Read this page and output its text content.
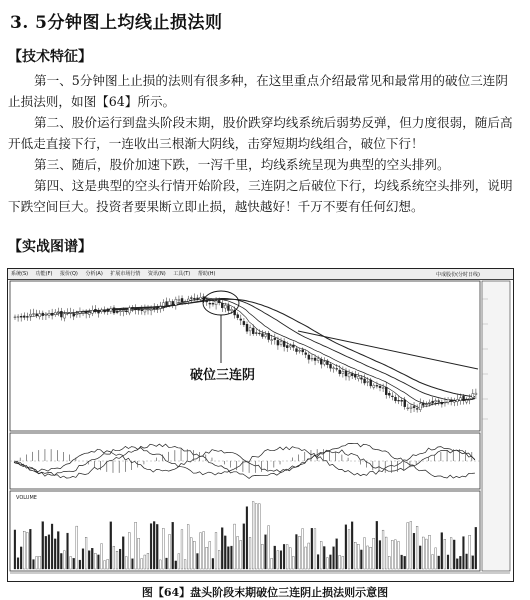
3. 5分钟图上均线止损法则
【技术特征】

第一、5分钟图上止损的法则有很多种，在这里重点介绍最常见和最常用的破位三连阴止损法则，如图【64】所示。

第二、股价运行到盘头阶段末期，股价跌穿均线系统后弱势反弹，但力度很弱，随后高开低走直接下行，一连收出三根渐大阴线，击穿短期均线组合，破位下行！

第三、随后，股价加速下跌，一泻千里，均线系统呈现为典型的空头排列。

第四、这是典型的空头行情开始阶段，三连阴之后破位下行，均线系统空头排列，说明下跌空间巨大。投资者要果断立即止损，越快越好！千万不要有任何幻想。

【实战图谱】
系统(S) 功能(F) 报价(Q) 分析(A) 扩展市场行情 资讯(N) 工具(T) 帮助(H)	中成股份(分时日线)
破位三连阴
VOLUME
图【64】盘头阶段末期破位三连阴止损法则示意图
